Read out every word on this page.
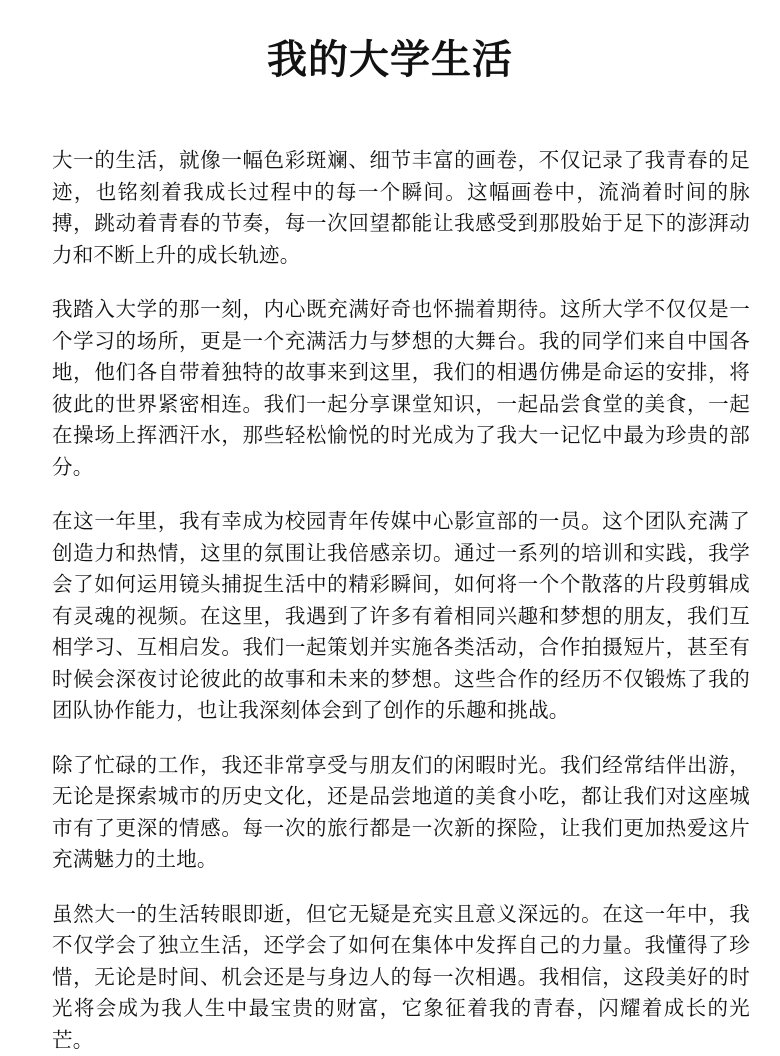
我的大学生活

大一的生活，就像一幅色彩斑斓、细节丰富的画卷，不仅记录了我青春的足迹，也铭刻着我成长过程中的每一个瞬间。这幅画卷中，流淌着时间的脉搏，跳动着青春的节奏，每一次回望都能让我感受到那股始于足下的澎湃动力和不断上升的成长轨迹。

我踏入大学的那一刻，内心既充满好奇也怀揣着期待。这所大学不仅仅是一个学习的场所，更是一个充满活力与梦想的大舞台。我的同学们来自中国各地，他们各自带着独特的故事来到这里，我们的相遇仿佛是命运的安排，将彼此的世界紧密相连。我们一起分享课堂知识，一起品尝食堂的美食，一起在操场上挥洒汗水，那些轻松愉悦的时光成为了我大一记忆中最为珍贵的部分。

在这一年里，我有幸成为校园青年传媒中心影宣部的一员。这个团队充满了创造力和热情，这里的氛围让我倍感亲切。通过一系列的培训和实践，我学会了如何运用镜头捕捉生活中的精彩瞬间，如何将一个个散落的片段剪辑成有灵魂的视频。在这里，我遇到了许多有着相同兴趣和梦想的朋友，我们互相学习、互相启发。我们一起策划并实施各类活动，合作拍摄短片，甚至有时候会深夜讨论彼此的故事和未来的梦想。这些合作的经历不仅锻炼了我的团队协作能力，也让我深刻体会到了创作的乐趣和挑战。

除了忙碌的工作，我还非常享受与朋友们的闲暇时光。我们经常结伴出游，无论是探索城市的历史文化，还是品尝地道的美食小吃，都让我们对这座城市有了更深的情感。每一次的旅行都是一次新的探险，让我们更加热爱这片充满魅力的土地。

虽然大一的生活转眼即逝，但它无疑是充实且意义深远的。在这一年中，我不仅学会了独立生活，还学会了如何在集体中发挥自己的力量。我懂得了珍惜，无论是时间、机会还是与身边人的每一次相遇。我相信，这段美好的时光将会成为我人生中最宝贵的财富，它象征着我的青春，闪耀着成长的光芒。
